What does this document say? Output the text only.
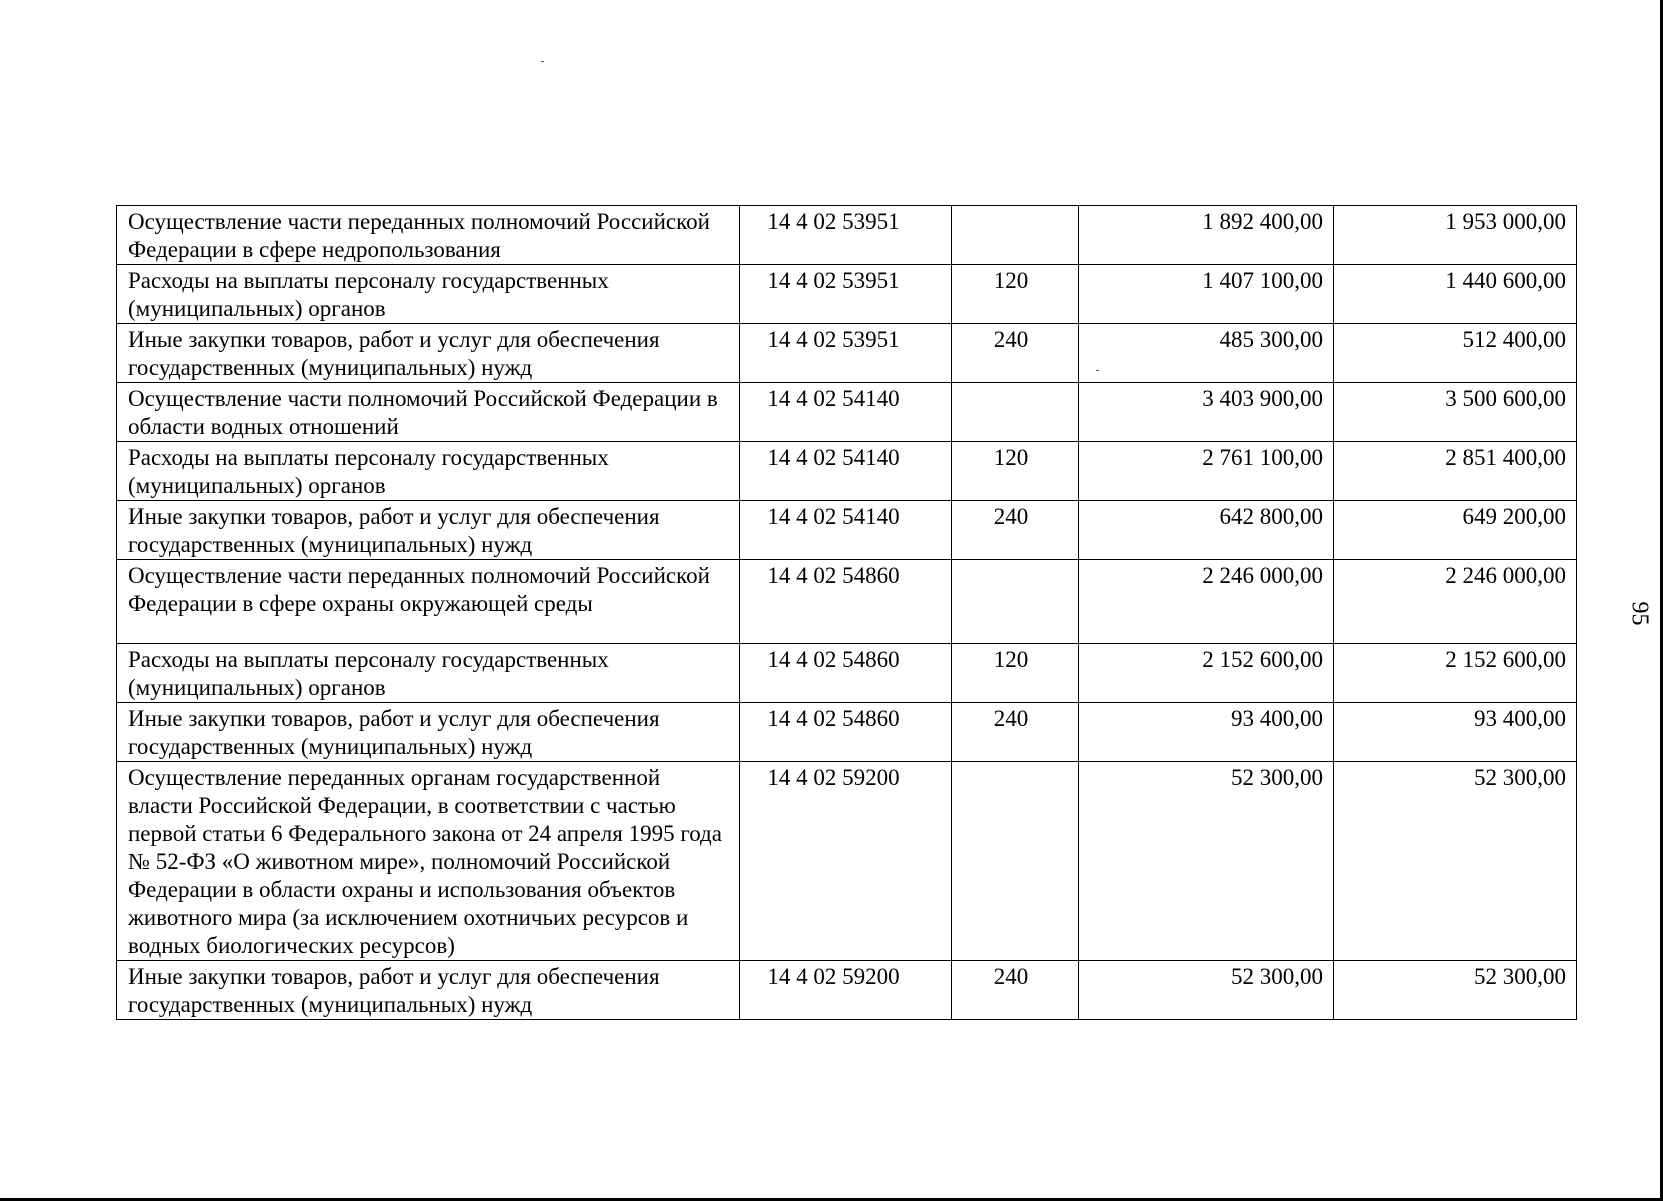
Осуществление части переданных полномочий Российской Федерации в сфере недропользования	14 4 02 53951		1 892 400,00	1 953 000,00
Расходы на выплаты персоналу государственных (муниципальных) органов	14 4 02 53951	120	1 407 100,00	1 440 600,00
Иные закупки товаров, работ и услуг для обеспечения государственных (муниципальных) нужд	14 4 02 53951	240	485 300,00	512 400,00
Осуществление части полномочий Российской Федерации в области водных отношений	14 4 02 54140		3 403 900,00	3 500 600,00
Расходы на выплаты персоналу государственных (муниципальных) органов	14 4 02 54140	120	2 761 100,00	2 851 400,00
Иные закупки товаров, работ и услуг для обеспечения государственных (муниципальных) нужд	14 4 02 54140	240	642 800,00	649 200,00
Осуществление части переданных полномочий Российской Федерации в сфере охраны окружающей среды	14 4 02 54860		2 246 000,00	2 246 000,00
Расходы на выплаты персоналу государственных (муниципальных) органов	14 4 02 54860	120	2 152 600,00	2 152 600,00
Иные закупки товаров, работ и услуг для обеспечения государственных (муниципальных) нужд	14 4 02 54860	240	93 400,00	93 400,00
Осуществление переданных органам государственной власти Российской Федерации, в соответствии с частью первой статьи 6 Федерального закона от 24 апреля 1995 года № 52-ФЗ «О животном мире», полномочий Российской Федерации в области охраны и использования объектов животного мира (за исключением охотничьих ресурсов и водных биологических ресурсов)	14 4 02 59200		52 300,00	52 300,00
Иные закупки товаров, работ и услуг для обеспечения государственных (муниципальных) нужд	14 4 02 59200	240	52 300,00	52 300,00
95
